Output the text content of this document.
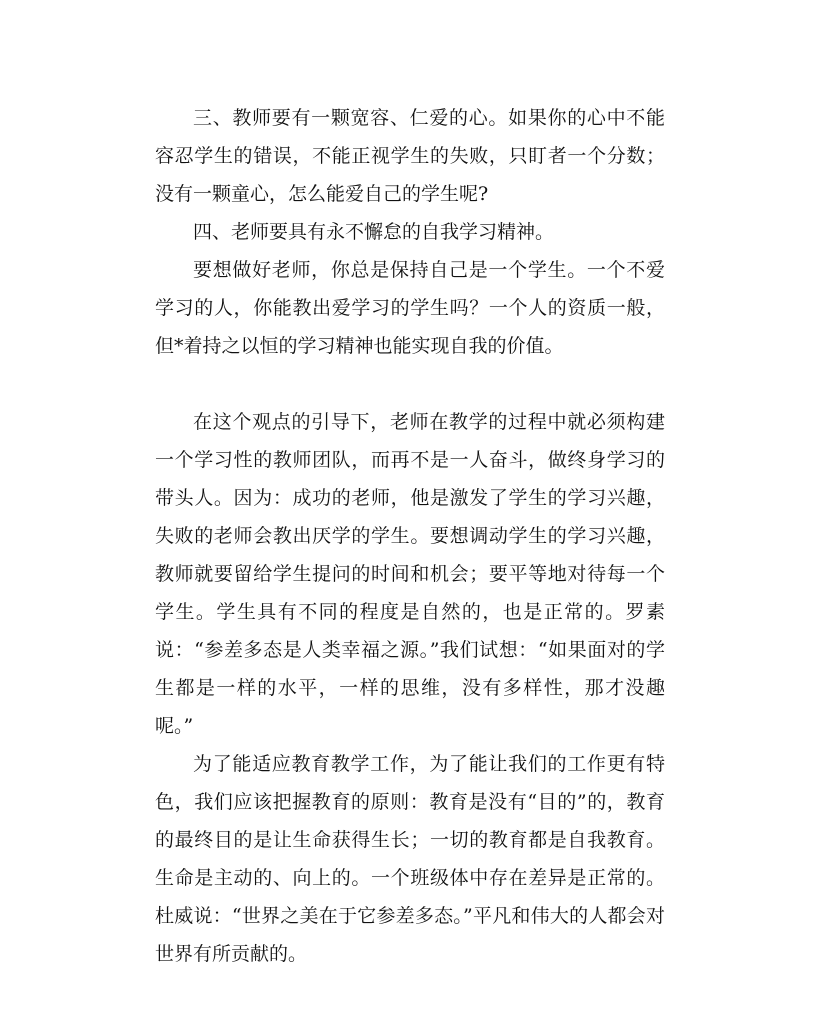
三、教师要有一颗宽容、仁爱的心。如果你的心中不能容忍学生的错误，不能正视学生的失败，只盯者一个分数；没有一颗童心，怎么能爱自己的学生呢?

四、老师要具有永不懈怠的自我学习精神。

要想做好老师，你总是保持自己是一个学生。一个不爱学习的人，你能教出爱学习的学生吗？一个人的资质一般，但*着持之以恒的学习精神也能实现自我的价值。

在这个观点的引导下，老师在教学的过程中就必须构建一个学习性的教师团队，而再不是一人奋斗，做终身学习的带头人。因为：成功的老师，他是激发了学生的学习兴趣，失败的老师会教出厌学的学生。要想调动学生的学习兴趣，教师就要留给学生提问的时间和机会；要平等地对待每一个学生。学生具有不同的程度是自然的，也是正常的。罗素说：“参差多态是人类幸福之源。”我们试想：“如果面对的学生都是一样的水平，一样的思维，没有多样性，那才没趣呢。”

为了能适应教育教学工作，为了能让我们的工作更有特色，我们应该把握教育的原则：教育是没有“目的”的，教育的最终目的是让生命获得生长；一切的教育都是自我教育。生命是主动的、向上的。一个班级体中存在差异是正常的。杜威说：“世界之美在于它参差多态。”平凡和伟大的人都会对世界有所贡献的。
